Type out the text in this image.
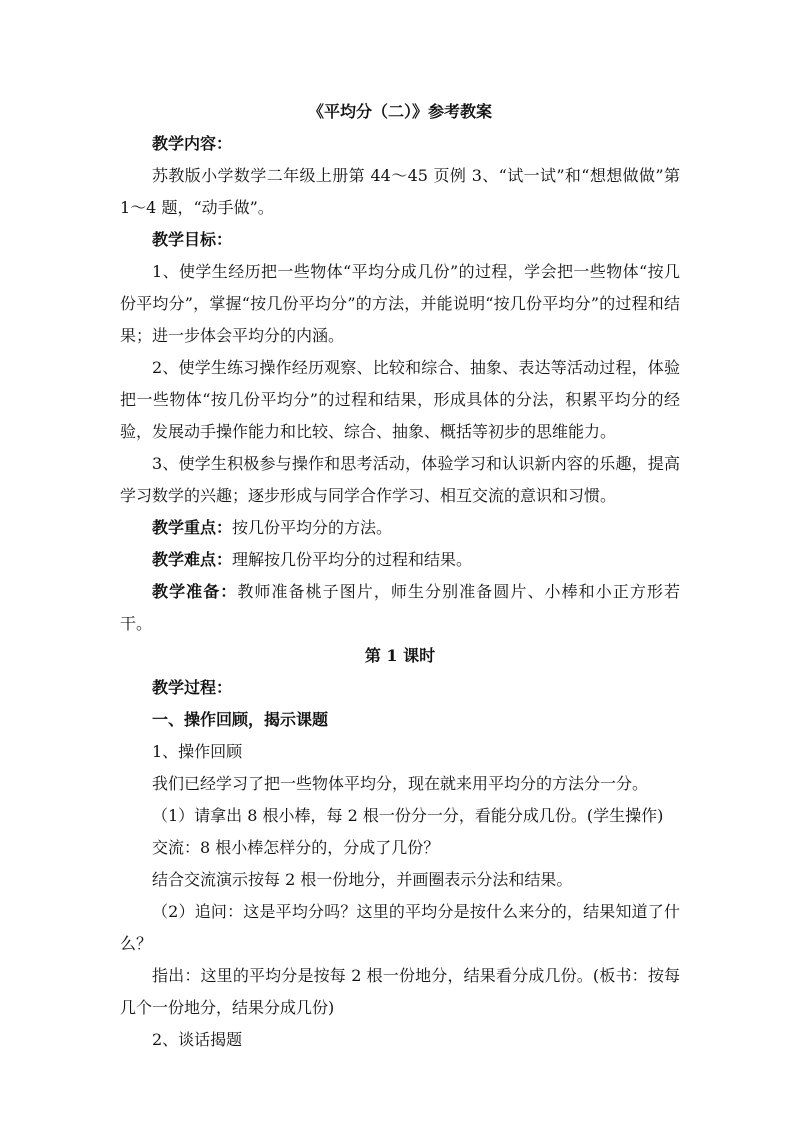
《平均分（二）》参考教案

教学内容：

苏教版小学数学二年级上册第 44～45 页例 3、“试一试”和“想想做做”第 1～4 题，“动手做”。

教学目标：

1、使学生经历把一些物体“平均分成几份”的过程，学会把一些物体“按几份平均分”，掌握“按几份平均分”的方法，并能说明“按几份平均分”的过程和结果；进一步体会平均分的内涵。

2、使学生练习操作经历观察、比较和综合、抽象、表达等活动过程，体验把一些物体“按几份平均分”的过程和结果，形成具体的分法，积累平均分的经验，发展动手操作能力和比较、综合、抽象、概括等初步的思维能力。

3、使学生积极参与操作和思考活动，体验学习和认识新内容的乐趣，提高学习数学的兴趣；逐步形成与同学合作学习、相互交流的意识和习惯。

教学重点：按几份平均分的方法。

教学难点：理解按几份平均分的过程和结果。

教学准备：教师准备桃子图片，师生分别准备圆片、小棒和小正方形若干。

第 1 课时

教学过程：

一、操作回顾，揭示课题

1、操作回顾

我们已经学习了把一些物体平均分，现在就来用平均分的方法分一分。

（1）请拿出 8 根小棒，每 2 根一份分一分，看能分成几份。(学生操作)

交流：8 根小棒怎样分的，分成了几份？

结合交流演示按每 2 根一份地分，并画圈表示分法和结果。

（2）追问：这是平均分吗？这里的平均分是按什么来分的，结果知道了什么？

指出：这里的平均分是按每 2 根一份地分，结果看分成几份。(板书：按每几个一份地分，结果分成几份)

2、谈话揭题
